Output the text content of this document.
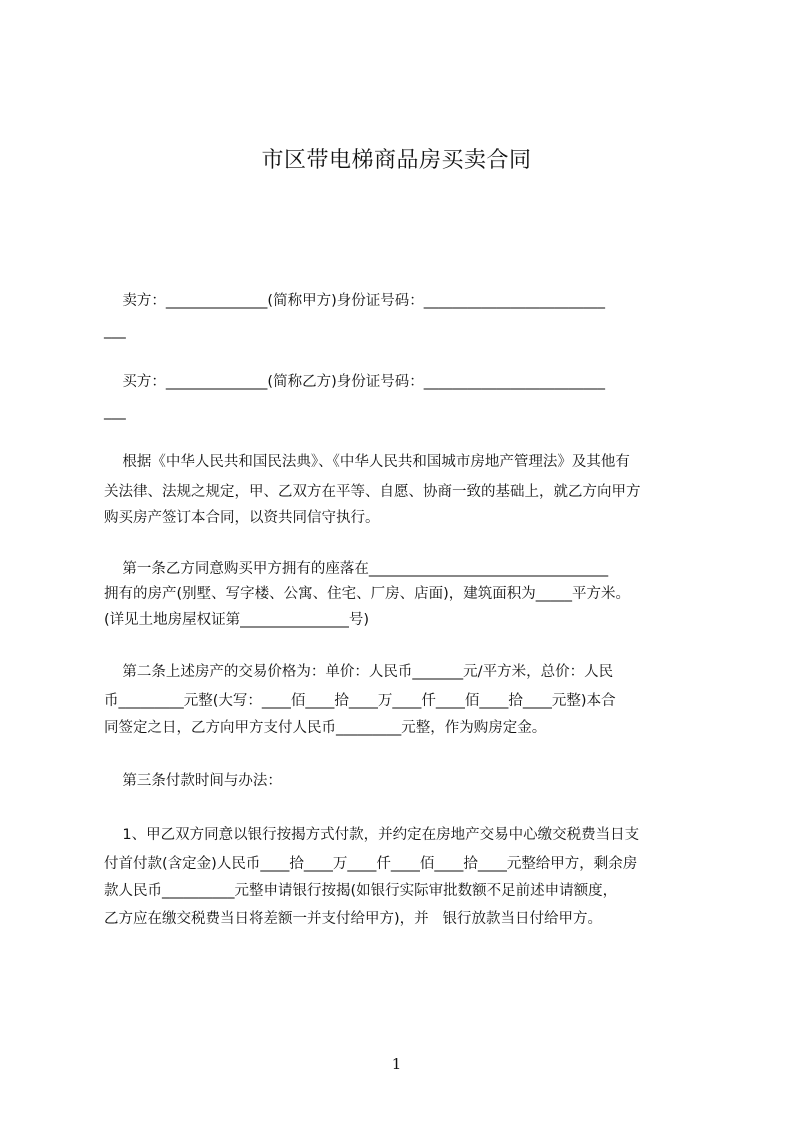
市区带电梯商品房买卖合同

卖方：______________(简称甲方)身份证号码：_________________________

___

买方：______________(简称乙方)身份证号码：_________________________

___

根据《中华人民共和国民法典》、《中华人民共和国城市房地产管理法》及其他有

关法律、法规之规定，甲、乙双方在平等、自愿、协商一致的基础上，就乙方向甲方

购买房产签订本合同，以资共同信守执行。

第一条乙方同意购买甲方拥有的座落在_________________________________

拥有的房产(别墅、写字楼、公寓、住宅、厂房、店面)，建筑面积为_____平方米。

(详见土地房屋权证第_______________号)

第二条上述房产的交易价格为：单价：人民币_______元/平方米，总价：人民

币_________元整(大写：____佰____拾____万____仟____佰____拾____元整)本合

同签定之日，乙方向甲方支付人民币_________元整，作为购房定金。

第三条付款时间与办法：

1、甲乙双方同意以银行按揭方式付款，并约定在房地产交易中心缴交税费当日支

付首付款(含定金)人民币____拾____万____仟____佰____拾____元整给甲方，剩余房

款人民币__________元整申请银行按揭(如银行实际审批数额不足前述申请额度，

乙方应在缴交税费当日将差额一并支付给甲方)，并   银行放款当日付给甲方。

1
